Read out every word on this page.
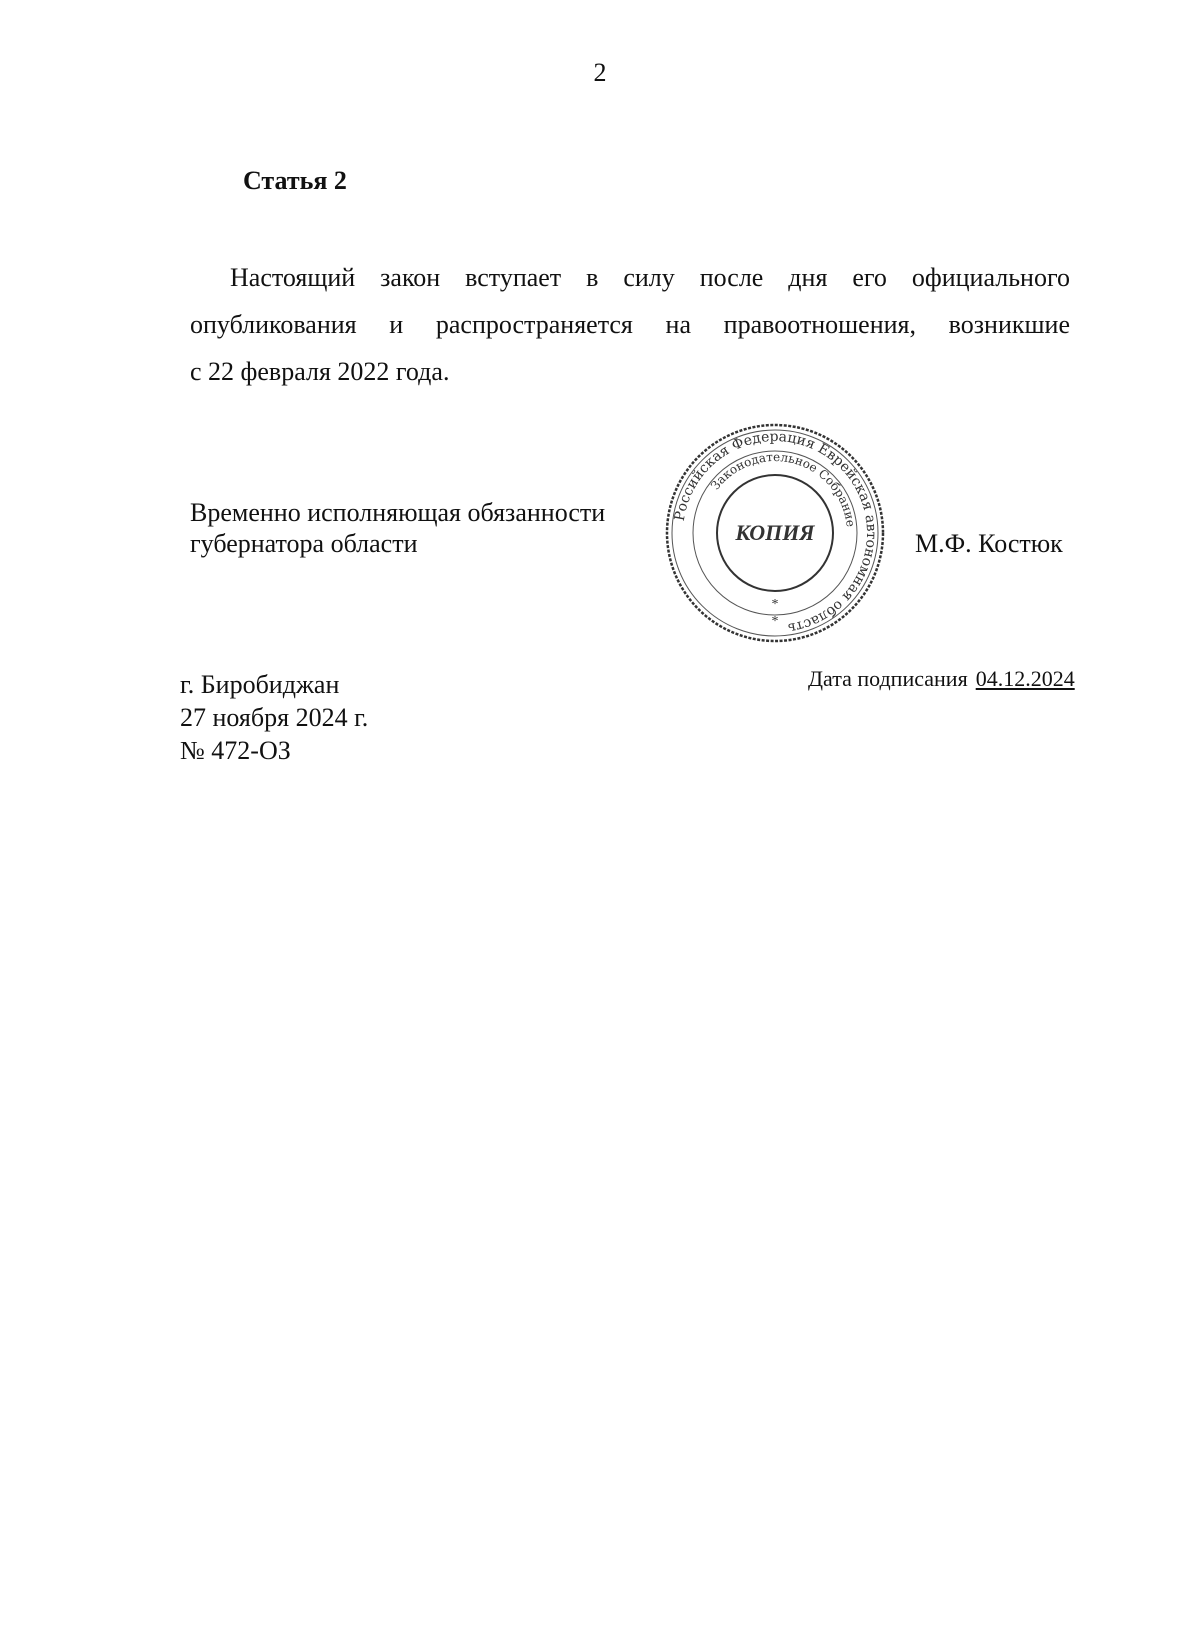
2
Статья 2
Настоящий закон вступает в силу после дня его официального
опубликования и распространяется на правоотношения, возникшие
с 22 февраля 2022 года.
Временно исполняющая обязанности
губернатора области	М.Ф. Костюк
Российская Федерация Еврейская автономная область
Законодательное Собрание
КОПИЯ
*
*
г. Биробиджан
27 ноября 2024 г.
№ 472-ОЗ
Дата подписания 04.12.2024
